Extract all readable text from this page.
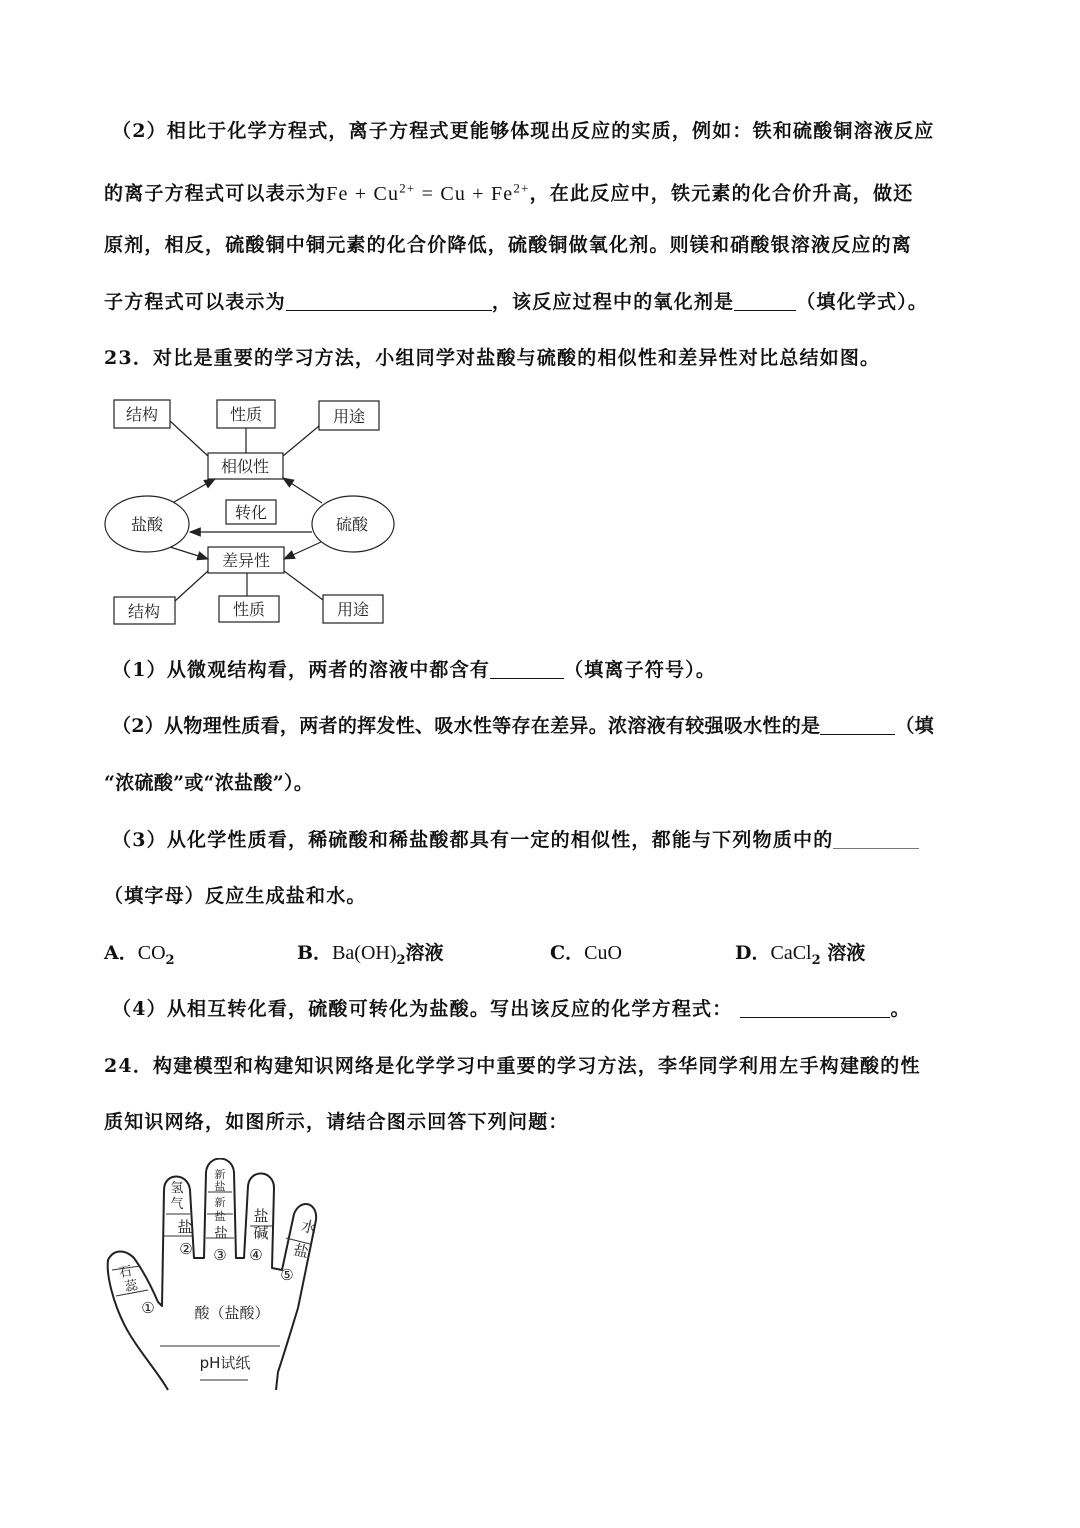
（2）相比于化学方程式，离子方程式更能够体现出反应的实质，例如：铁和硫酸铜溶液反应
的离子方程式可以表示为$Fe + Cu^{2+} = Cu + Fe^{2+}$，在此反应中，铁元素的化合价升高，做还
原剂，相反，硫酸铜中铜元素的化合价降低，硫酸铜做氧化剂。则镁和硝酸银溶液反应的离
子方程式可以表示为	，该反应过程中的氧化剂是	（填化学式）。
23．对比是重要的学习方法，小组同学对盐酸与硫酸的相似性和差异性对比总结如图。
结构	性质	用途
相似性
盐酸	硫酸
转化
差异性
结构	性质	用途
（1）从微观结构看，两者的溶液中都含有	（填离子符号）。
（2）从物理性质看，两者的挥发性、吸水性等存在差异。浓溶液有较强吸水性的是	（填
“浓硫酸”或“浓盐酸”）。
（3）从化学性质看，稀硫酸和稀盐酸都具有一定的相似性，都能与下列物质中的
（填字母）反应生成盐和水。
A．$CO_2$	B．$Ba(OH)_2$溶液	C．CuO	D．CaCl$_2$ 溶液
（4）从相互转化看，硫酸可转化为盐酸。写出该反应的化学方程式：	。
24．构建模型和构建知识网络是化学学习中重要的学习方法，李华同学利用左手构建酸的性
质知识网络，如图所示，请结合图示回答下列问题：
石
蕊
氢
气
盐
新
盐
新
盐
盐
盐
碱 水
盐
①
② ③ ④
⑤
酸（盐酸）
pH试纸
